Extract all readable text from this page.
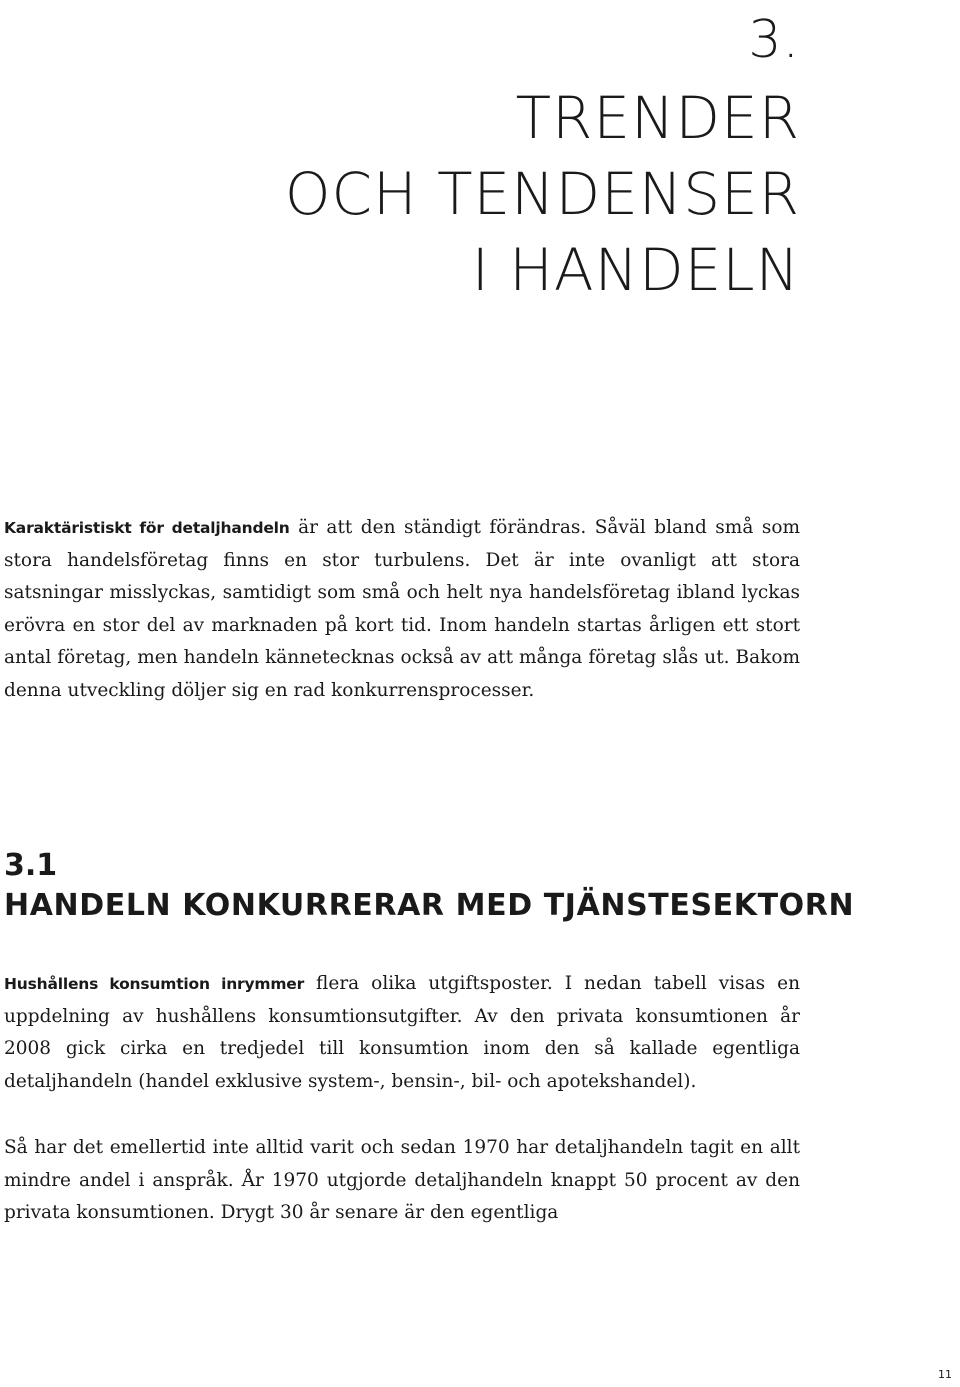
3.
TRENDER
OCH TENDENSER
I HANDELN

Karaktäristiskt för detaljhandeln är att den ständigt förändras. Såväl bland små som stora handelsföretag finns en stor turbulens. Det är inte ovanligt att stora satsningar misslyckas, samtidigt som små och helt nya handelsföretag ibland lyckas erövra en stor del av marknaden på kort tid. Inom handeln startas årligen ett stort antal företag, men handeln kännetecknas också av att många företag slås ut. Bakom denna utveckling döljer sig en rad konkurrensprocesser.

3.1
HANDELN KONKURRERAR MED TJÄNSTESEKTORN

Hushållens konsumtion inrymmer flera olika utgiftsposter. I nedan tabell visas en uppdelning av hushållens konsumtionsutgifter. Av den privata konsumtionen år 2008 gick cirka en tredjedel till konsumtion inom den så kallade egentliga detaljhandeln (handel exklusive system-, bensin-, bil- och apotekshandel).

Så har det emellertid inte alltid varit och sedan 1970 har detaljhandeln tagit en allt mindre andel i anspråk. År 1970 utgjorde detaljhandeln knappt 50 procent av den privata konsumtionen. Drygt 30 år senare är den egentliga

11
